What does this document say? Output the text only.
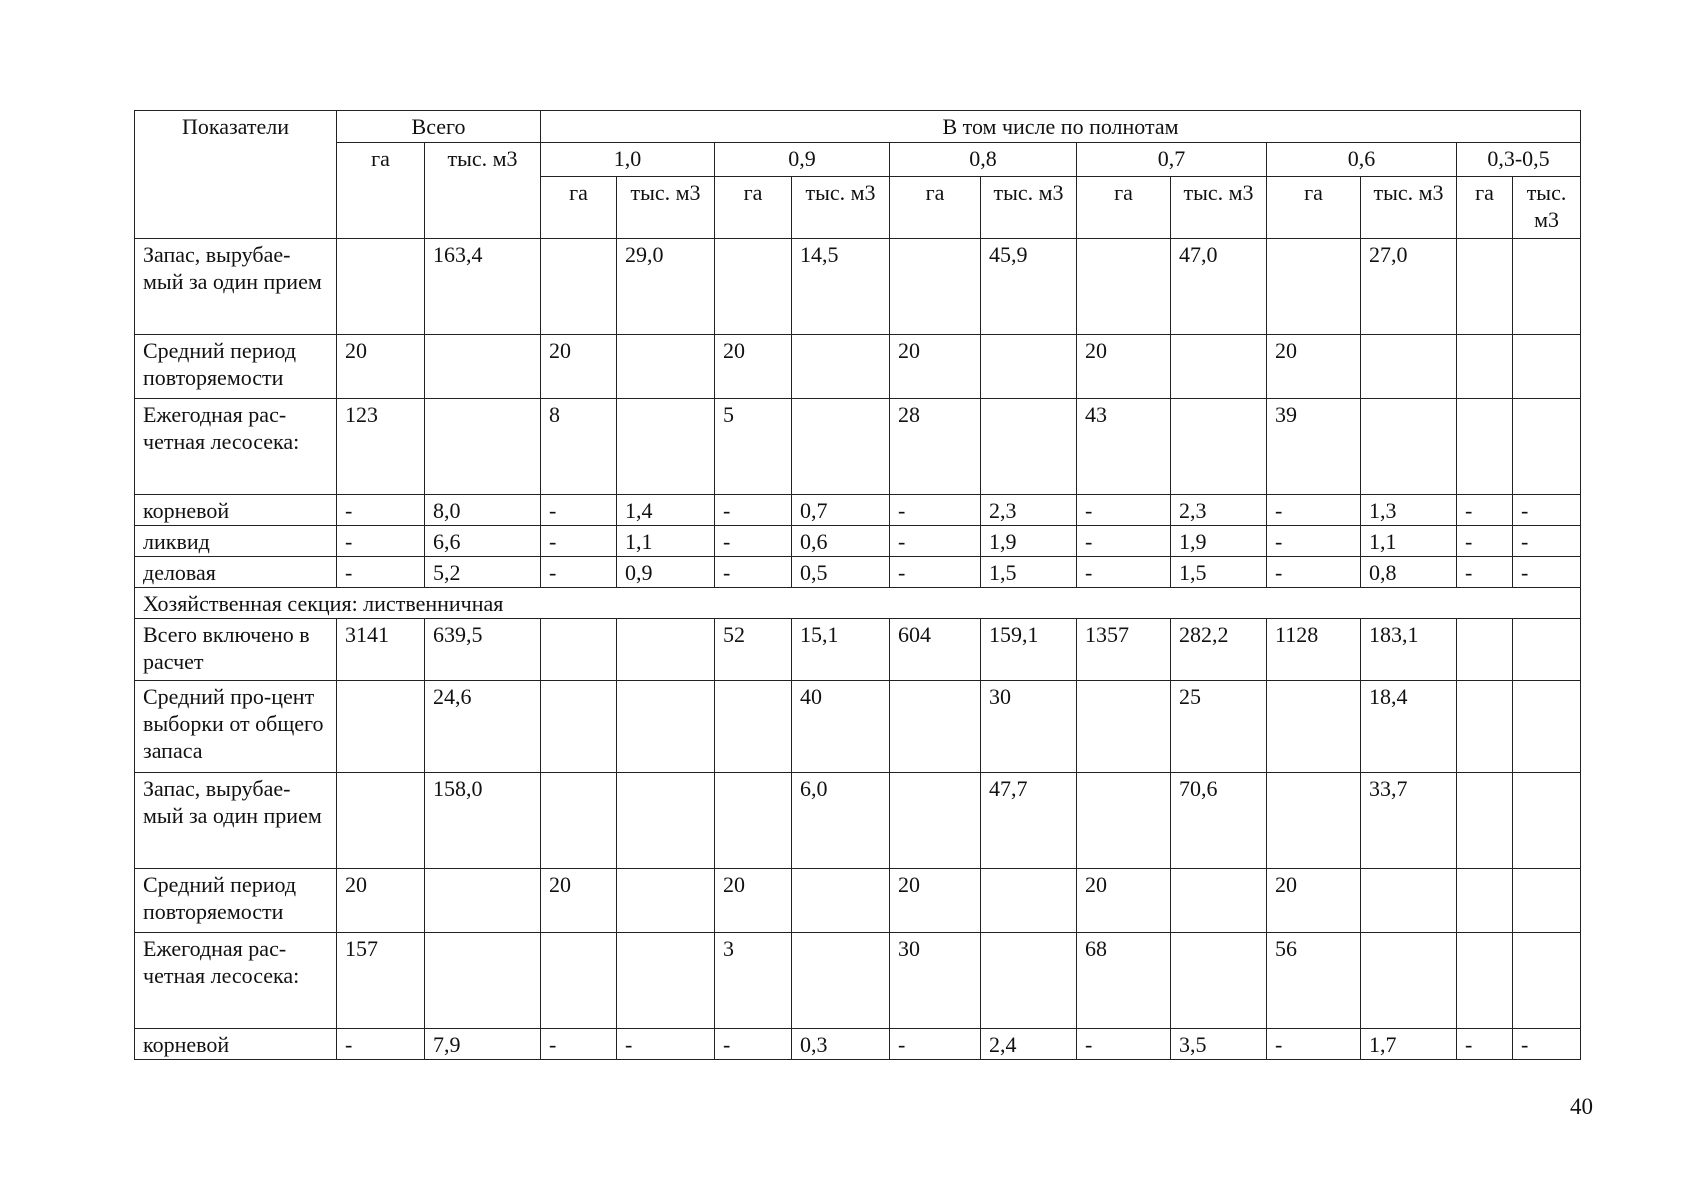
Показатели	Всего		В том числе по полнотам											
	га	тыс. м3	1,0		0,9		0,8		0,7		0,6		0,3-0,5	
			га	тыс. м3	га	тыс. м3	га	тыс. м3	га	тыс. м3	га	тыс. м3	га	тыс. м3
Запас, вырубае-мый за один прием		163,4		29,0		14,5		45,9		47,0		27,0		
Средний период повторяемости	20		20		20		20		20		20			
Ежегодная рас-четная лесосека:	123		8		5		28		43		39			
корневой	-	8,0	-	1,4	-	0,7	-	2,3	-	2,3	-	1,3	-	-
ликвид	-	6,6	-	1,1	-	0,6	-	1,9	-	1,9	-	1,1	-	-
деловая	-	5,2	-	0,9	-	0,5	-	1,5	-	1,5	-	0,8	-	-
Хозяйственная секция: лиственничная														
Всего включено в расчет	3141	639,5			52	15,1	604	159,1	1357	282,2	1128	183,1		
Средний про-цент выборки от общего запаса		24,6				40		30		25		18,4		
Запас, вырубае-мый за один прием		158,0				6,0		47,7		70,6		33,7		
Средний период повторяемости	20		20		20		20		20		20			
Ежегодная рас-четная лесосека:	157				3		30		68		56			
корневой	-	7,9	-	-	-	0,3	-	2,4	-	3,5	-	1,7	-	-
40
